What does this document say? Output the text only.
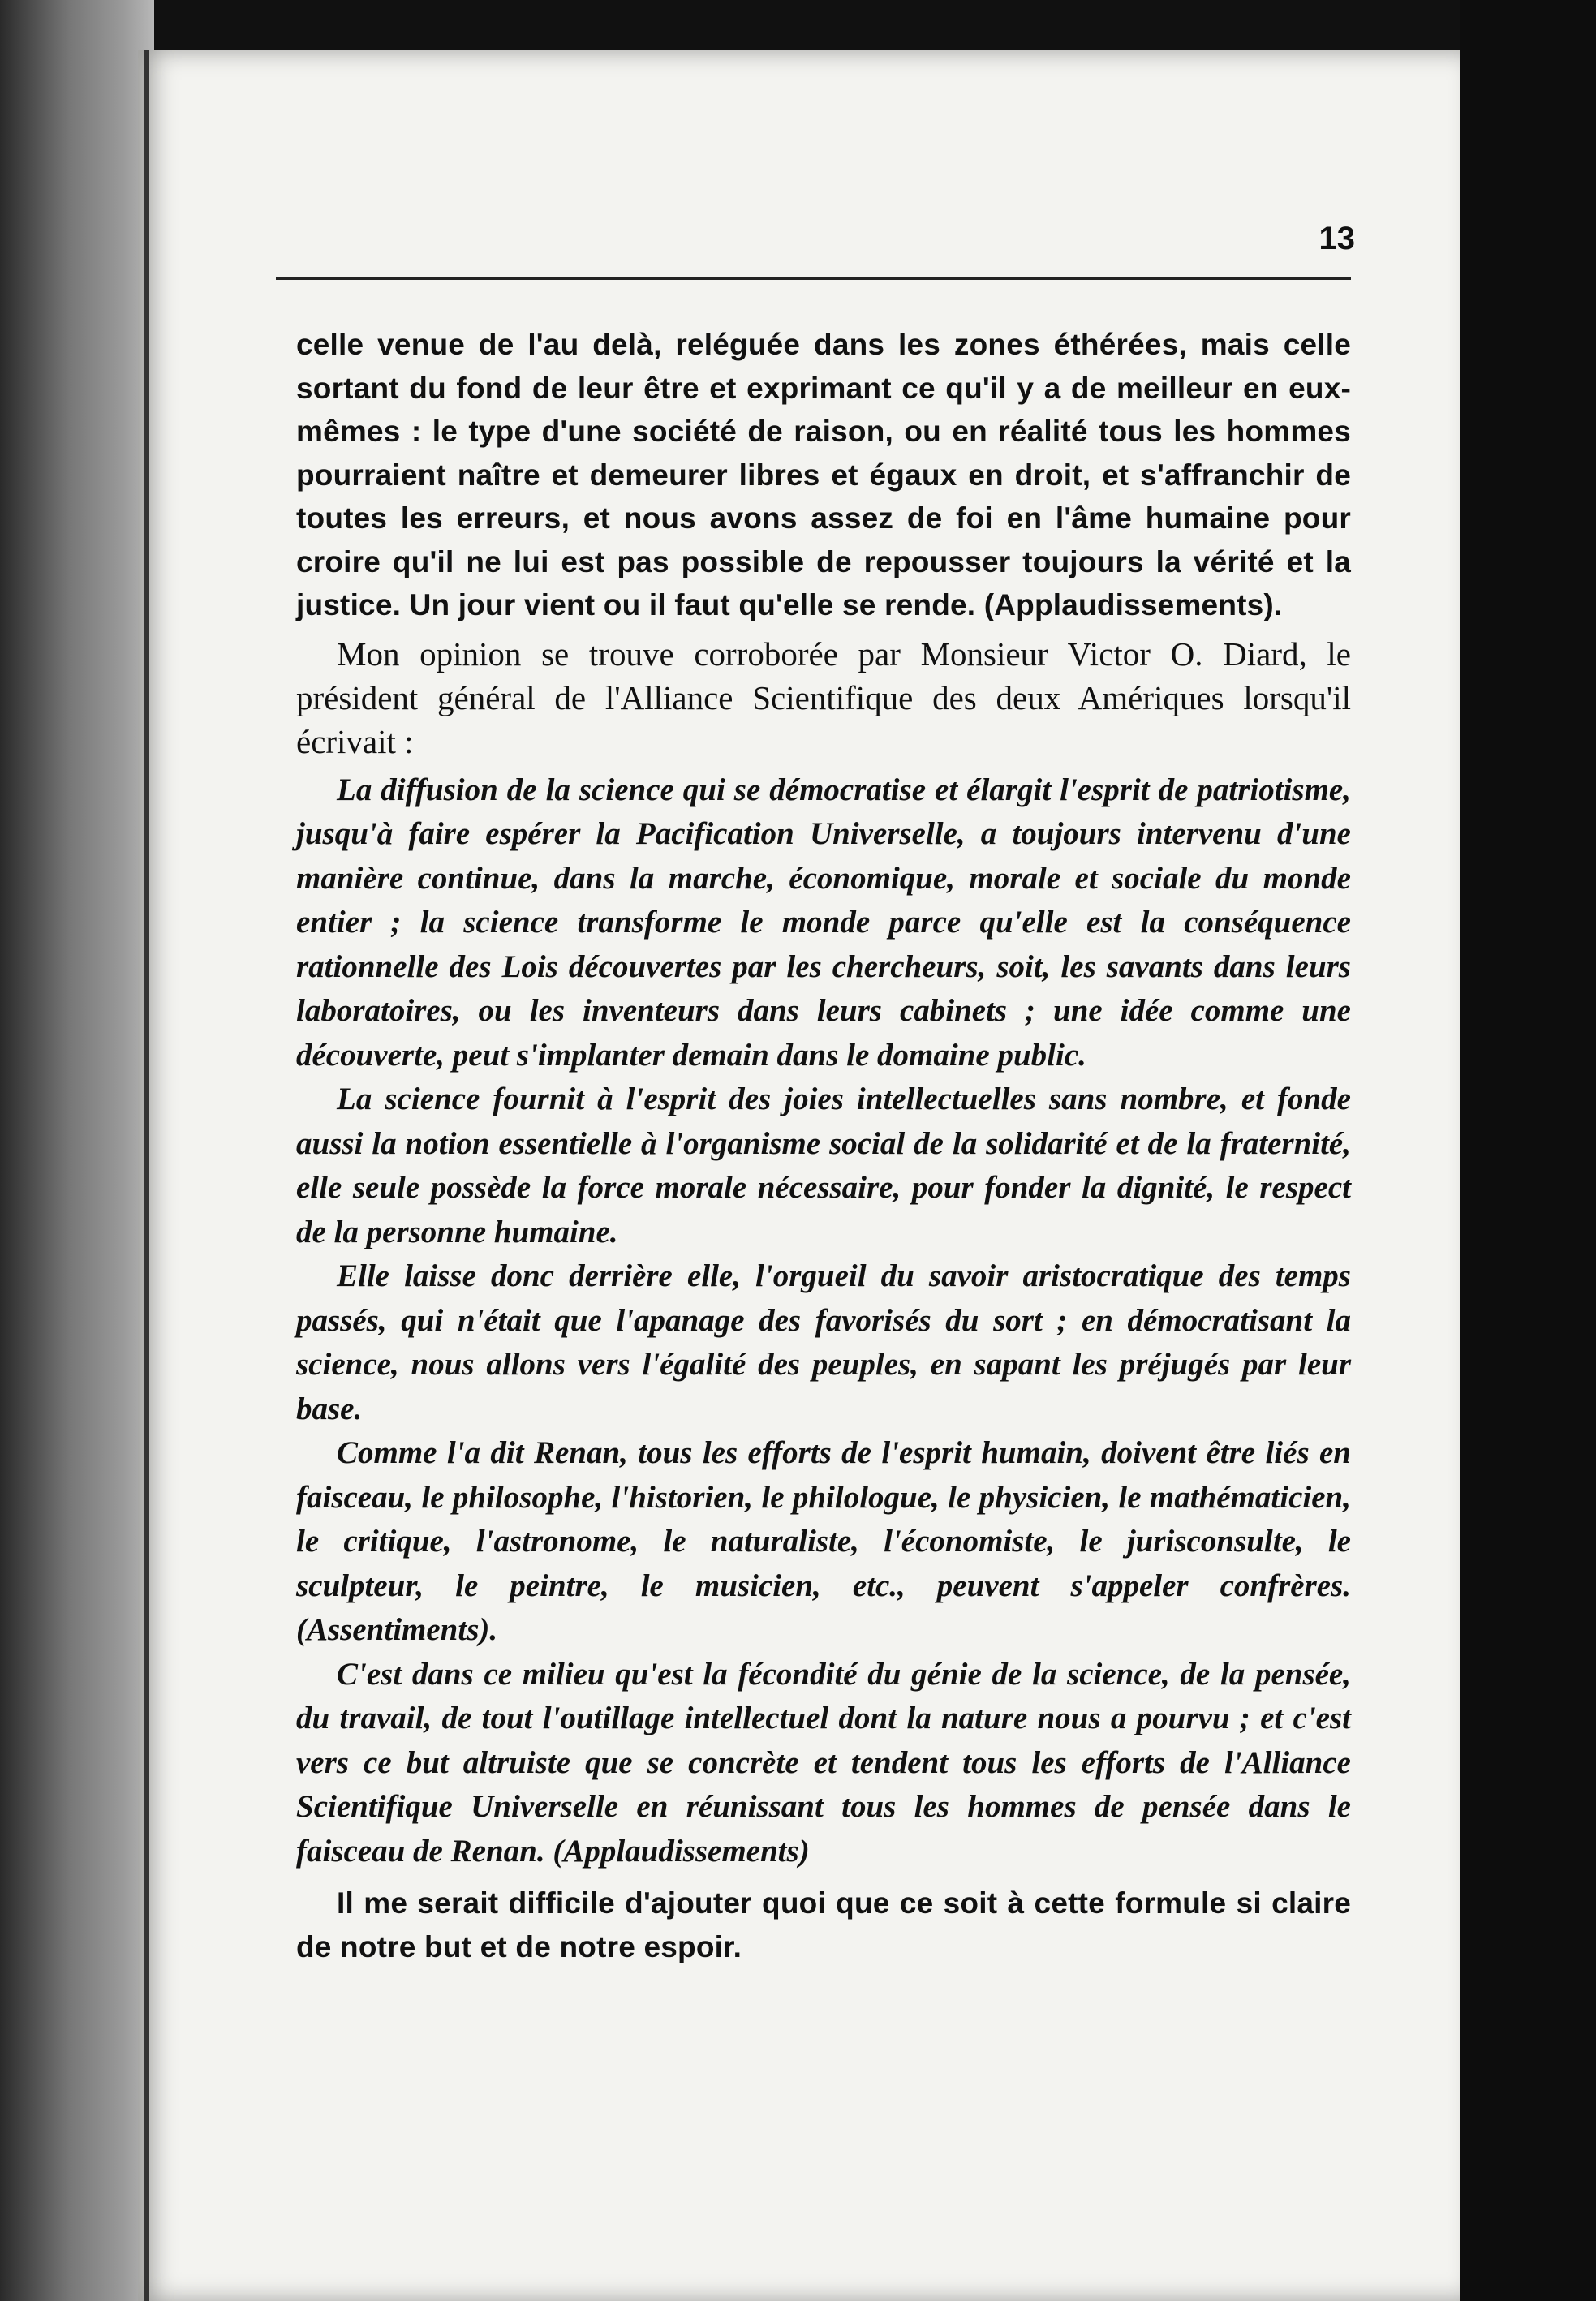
13

celle venue de l'au delà, reléguée dans les zones éthérées, mais celle sortant du fond de leur être et exprimant ce qu'il y a de meilleur en eux-mêmes : le type d'une société de raison, ou en réalité tous les hommes pourraient naître et demeurer libres et égaux en droit, et s'affranchir de toutes les erreurs, et nous avons assez de foi en l'âme humaine pour croire qu'il ne lui est pas possible de repousser toujours la vérité et la justice. Un jour vient ou il faut qu'elle se rende. (Applaudissements).

Mon opinion se trouve corroborée par Monsieur Victor O. Diard, le président général de l'Alliance Scientifique des deux Amériques lorsqu'il écrivait :

La diffusion de la science qui se démocratise et élargit l'esprit de patriotisme, jusqu'à faire espérer la Pacification Universelle, a toujours intervenu d'une manière continue, dans la marche, économique, morale et sociale du monde entier ; la science transforme le monde parce qu'elle est la conséquence rationnelle des Lois découvertes par les chercheurs, soit, les savants dans leurs laboratoires, ou les inventeurs dans leurs cabinets ; une idée comme une découverte, peut s'implanter demain dans le domaine public.

La science fournit à l'esprit des joies intellectuelles sans nombre, et fonde aussi la notion essentielle à l'organisme social de la solidarité et de la fraternité, elle seule possède la force morale nécessaire, pour fonder la dignité, le respect de la personne humaine.

Elle laisse donc derrière elle, l'orgueil du savoir aristocratique des temps passés, qui n'était que l'apanage des favorisés du sort ; en démocratisant la science, nous allons vers l'égalité des peuples, en sapant les préjugés par leur base.

Comme l'a dit Renan, tous les efforts de l'esprit humain, doivent être liés en faisceau, le philosophe, l'historien, le philologue, le physicien, le mathématicien, le critique, l'astronome, le naturaliste, l'économiste, le jurisconsulte, le sculpteur, le peintre, le musicien, etc., peuvent s'appeler confrères. (Assentiments).

C'est dans ce milieu qu'est la fécondité du génie de la science, de la pensée, du travail, de tout l'outillage intellectuel dont la nature nous a pourvu ; et c'est vers ce but altruiste que se concrète et tendent tous les efforts de l'Alliance Scientifique Universelle en réunissant tous les hommes de pensée dans le faisceau de Renan. (Applaudissements)

Il me serait difficile d'ajouter quoi que ce soit à cette formule si claire de notre but et de notre espoir.
